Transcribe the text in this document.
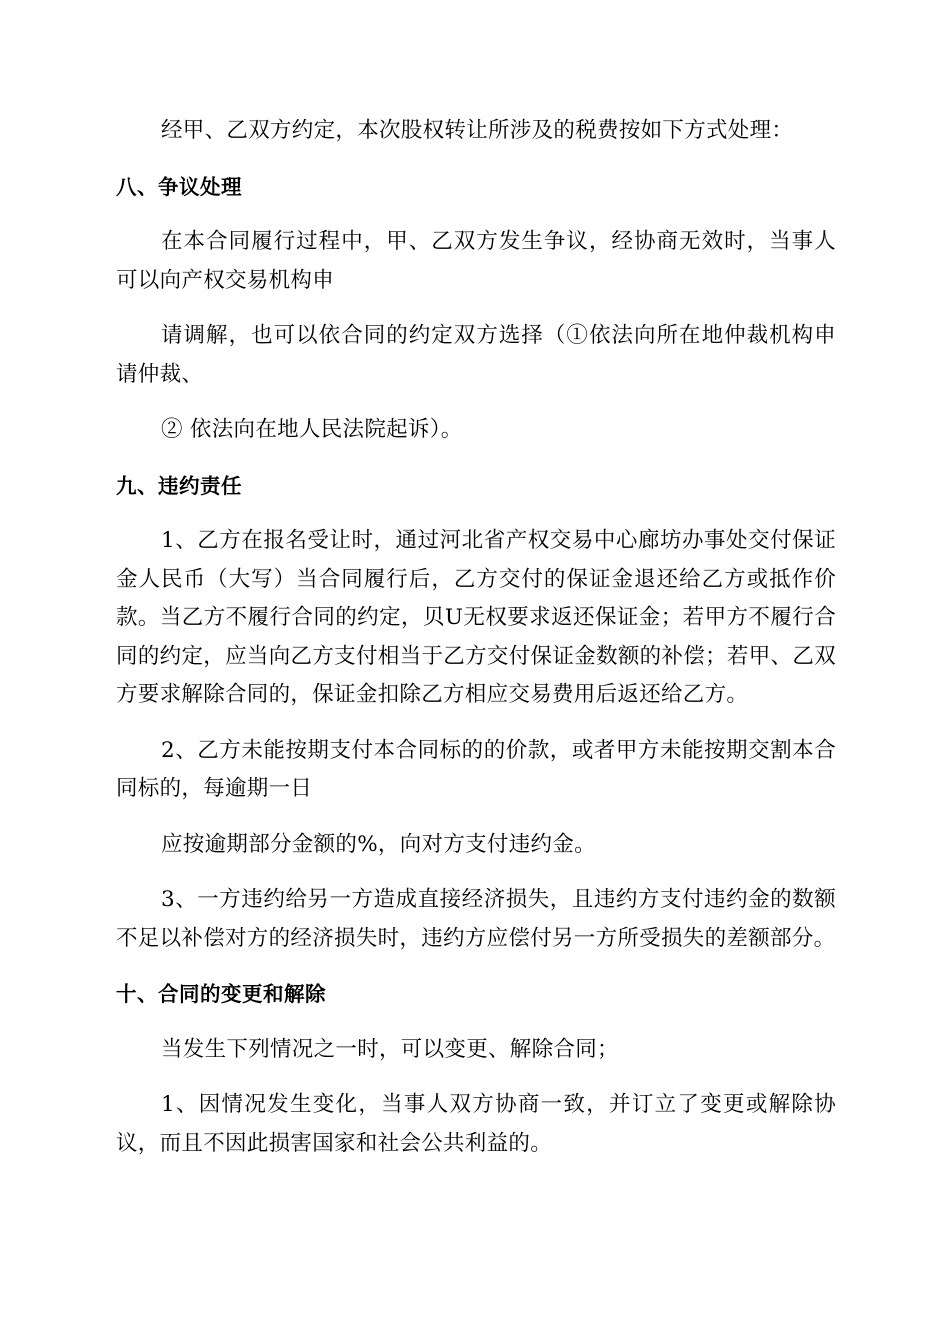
经甲、乙双方约定，本次股权转让所涉及的税费按如下方式处理：

八、争议处理

在本合同履行过程中，甲、乙双方发生争议，经协商无效时，当事人可以向产权交易机构申

请调解，也可以依合同的约定双方选择（①依法向所在地仲裁机构申请仲裁、

② 依法向在地人民法院起诉）。

九、违约责任

1、乙方在报名受让时，通过河北省产权交易中心廊坊办事处交付保证金人民币（大写）当合同履行后，乙方交付的保证金退还给乙方或抵作价款。当乙方不履行合同的约定，贝U无权要求返还保证金；若甲方不履行合同的约定，应当向乙方支付相当于乙方交付保证金数额的补偿；若甲、乙双方要求解除合同的，保证金扣除乙方相应交易费用后返还给乙方。

2、乙方未能按期支付本合同标的的价款，或者甲方未能按期交割本合同标的，每逾期一日

应按逾期部分金额的%，向对方支付违约金。

3、一方违约给另一方造成直接经济损失，且违约方支付违约金的数额不足以补偿对方的经济损失时，违约方应偿付另一方所受损失的差额部分。

十、合同的变更和解除

当发生下列情况之一时，可以变更、解除合同；

1、因情况发生变化，当事人双方协商一致，并订立了变更或解除协议，而且不因此损害国家和社会公共利益的。
